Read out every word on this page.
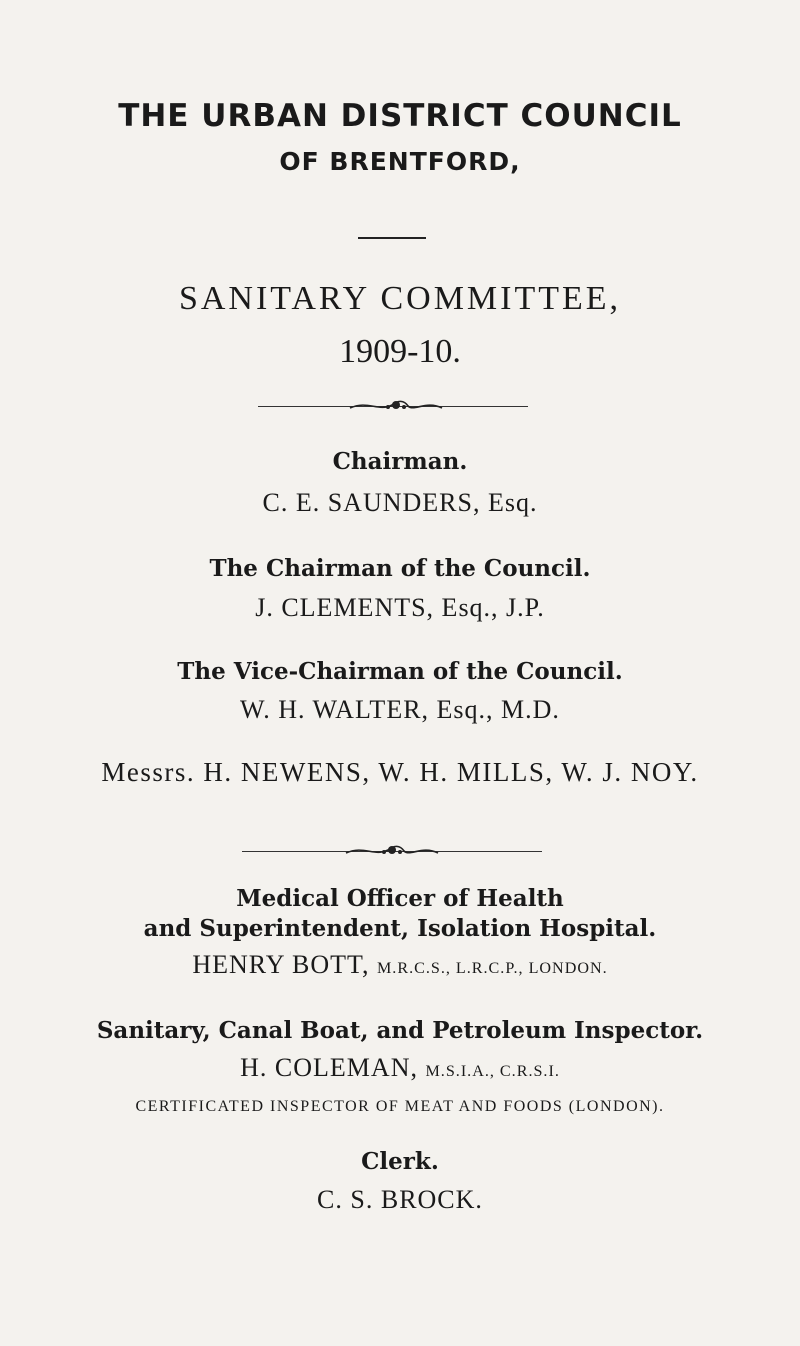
THE URBAN DISTRICT COUNCIL
OF BRENTFORD,
SANITARY COMMITTEE,
1909-10.
Chairman.
C. E. SAUNDERS, Esq.
The Chairman of the Council.
J. CLEMENTS, Esq., J.P.
The Vice-Chairman of the Council.
W. H. WALTER, Esq., M.D.
Messrs. H. NEWENS, W. H. MILLS, W. J. NOY.
Medical Officer of Health
and Superintendent, Isolation Hospital.
HENRY BOTT, M.R.C.S., L.R.C.P., LONDON.
Sanitary, Canal Boat, and Petroleum Inspector.
H. COLEMAN, M.S.I.A., C.R.S.I.
CERTIFICATED INSPECTOR OF MEAT AND FOODS (LONDON).
Clerk.
C. S. BROCK.
